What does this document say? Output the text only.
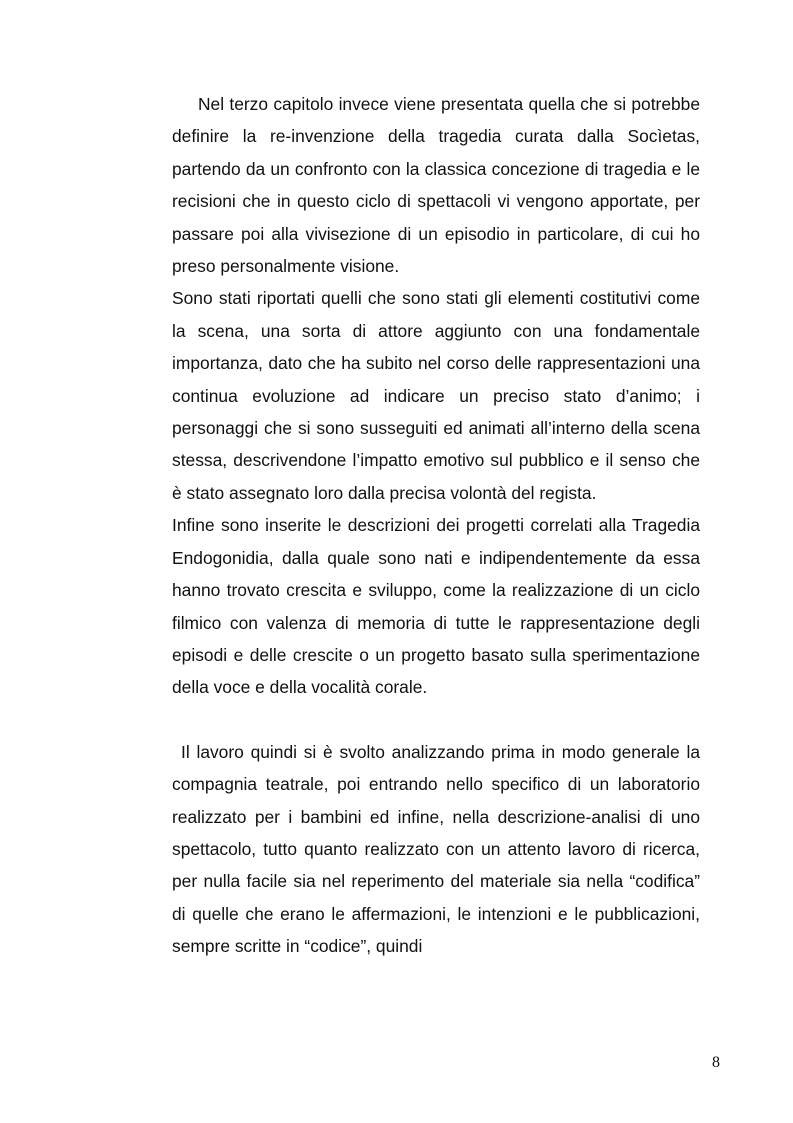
Nel terzo capitolo invece viene presentata quella che si potrebbe definire la re-invenzione della tragedia curata dalla Socìetas, partendo da un confronto con la classica concezione di tragedia e le recisioni che in questo ciclo di spettacoli vi vengono apportate, per passare poi alla vivisezione di un episodio in particolare, di cui ho preso personalmente visione.

Sono stati riportati quelli che sono stati gli elementi costitutivi come la scena, una sorta di attore aggiunto con una fondamentale importanza, dato che ha subito nel corso delle rappresentazioni una continua evoluzione ad indicare un preciso stato d’animo; i personaggi che si sono susseguiti ed animati all’interno della scena stessa, descrivendone l’impatto emotivo sul pubblico e il senso che è stato assegnato loro dalla precisa volontà del regista.

Infine sono inserite le descrizioni dei progetti correlati alla Tragedia Endogonidia, dalla quale sono nati e indipendentemente da essa hanno trovato crescita e sviluppo, come la realizzazione di un ciclo filmico con valenza di memoria di tutte le rappresentazione degli episodi e delle crescite o un progetto basato sulla sperimentazione della voce e della vocalità corale.

Il lavoro quindi si è svolto analizzando prima in modo generale la compagnia teatrale, poi entrando nello specifico di un laboratorio realizzato per i bambini ed infine, nella descrizione-analisi di uno spettacolo, tutto quanto realizzato con un attento lavoro di ricerca, per nulla facile sia nel reperimento del materiale sia nella “codifica” di quelle che erano le affermazioni, le intenzioni e le pubblicazioni, sempre scritte in “codice”, quindi

8
